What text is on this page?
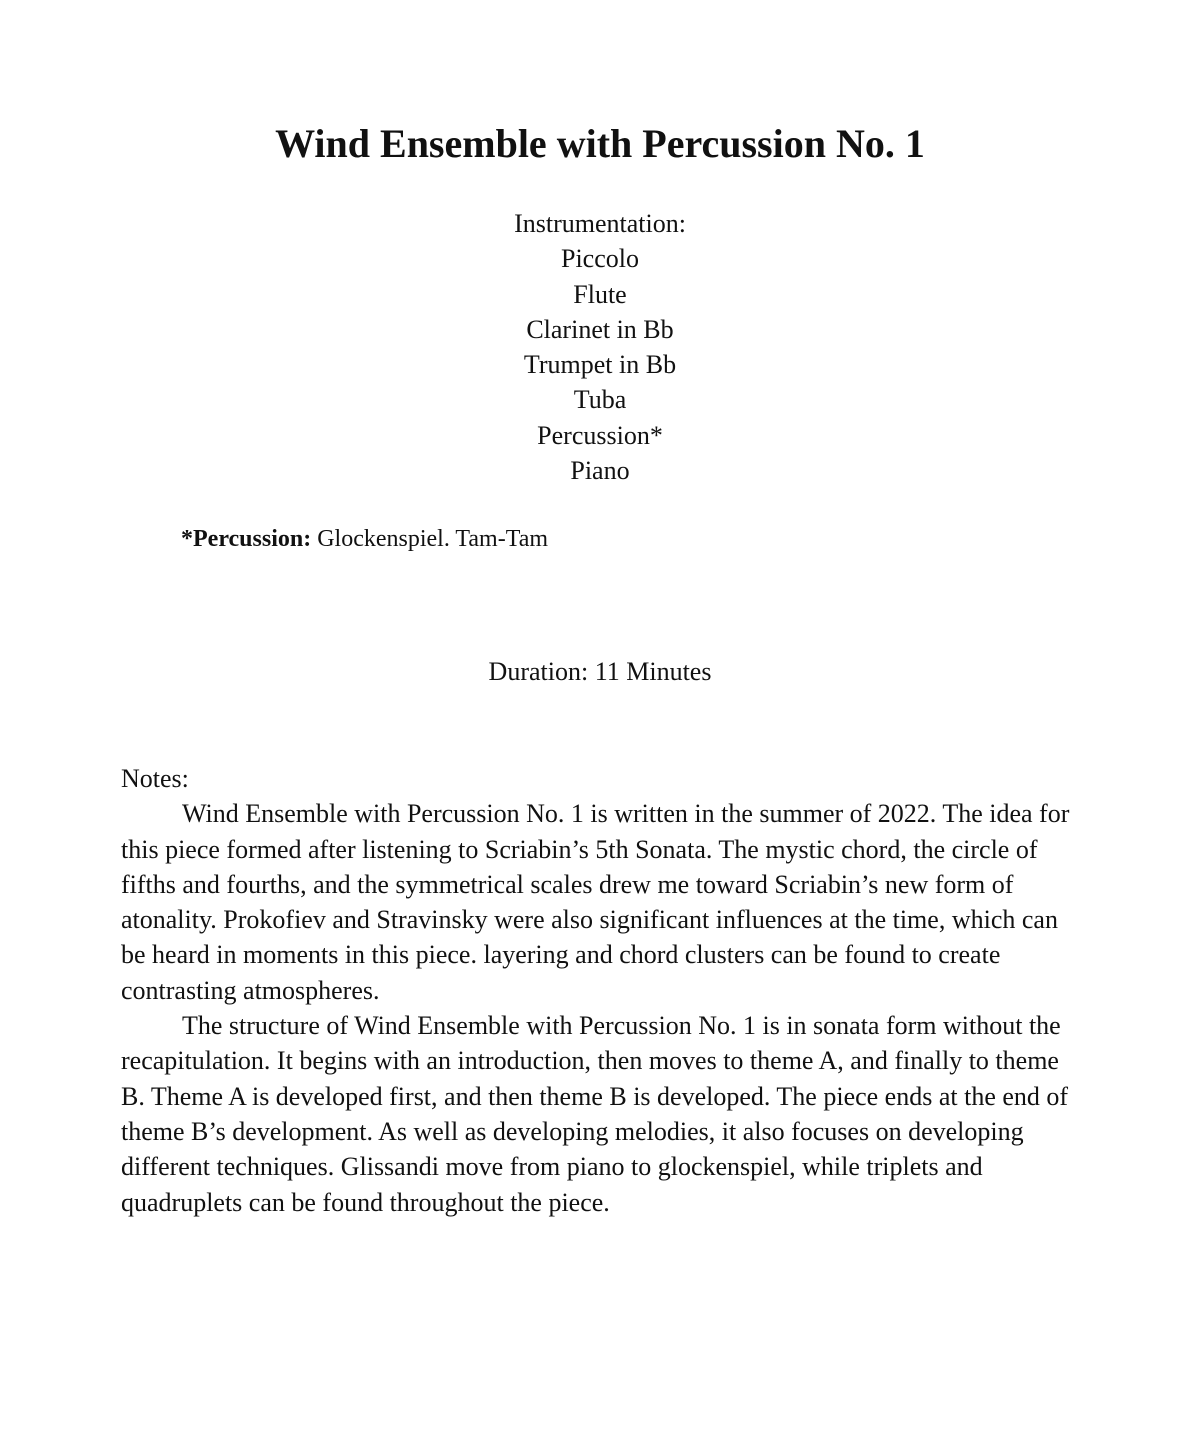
Wind Ensemble with Percussion No. 1
Instrumentation:
Piccolo
Flute
Clarinet in Bb
Trumpet in Bb
Tuba
Percussion*
Piano
*Percussion: Glockenspiel. Tam-Tam
Duration: 11 Minutes

Notes:

Wind Ensemble with Percussion No. 1 is written in the summer of 2022. The idea for this piece formed after listening to Scriabin’s 5th Sonata. The mystic chord, the circle of fifths and fourths, and the symmetrical scales drew me toward Scriabin’s new form of atonality. Prokofiev and Stravinsky were also significant influences at the time, which can be heard in moments in this piece. layering and chord clusters can be found to create contrasting atmospheres.

The structure of Wind Ensemble with Percussion No. 1 is in sonata form without the recapitulation. It begins with an introduction, then moves to theme A, and finally to theme B. Theme A is developed first, and then theme B is developed. The piece ends at the end of theme B’s development. As well as developing melodies, it also focuses on developing different techniques. Glissandi move from piano to glockenspiel, while triplets and quadruplets can be found throughout the piece.
